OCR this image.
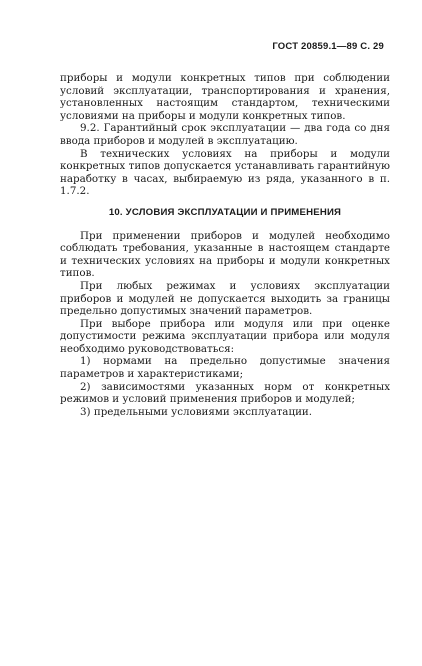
ГОСТ 20859.1—89 С. 29

приборы и модули конкретных типов при соблюдении условий эксплуатации, транспортирования и хранения, установленных настоящим стандартом, техническими условиями на приборы и модули конкретных типов.

9.2. Гарантийный срок эксплуатации — два года со дня ввода приборов и модулей в эксплуатацию.

В технических условиях на приборы и модули конкретных типов допускается устанавливать гарантийную наработку в часах, выбираемую из ряда, указанного в п. 1.7.2.

10. УСЛОВИЯ ЭКСПЛУАТАЦИИ И ПРИМЕНЕНИЯ

При применении приборов и модулей необходимо соблюдать требования, указанные в настоящем стандарте и технических условиях на приборы и модули конкретных типов.

При любых режимах и условиях эксплуатации приборов и модулей не допускается выходить за границы предельно допустимых значений параметров.

При выборе прибора или модуля или при оценке допустимости режима эксплуатации прибора или модуля необходимо руководствоваться:

1) нормами на предельно допустимые значения параметров и характеристиками;

2) зависимостями указанных норм от конкретных режимов и условий применения приборов и модулей;

3) предельными условиями эксплуатации.
